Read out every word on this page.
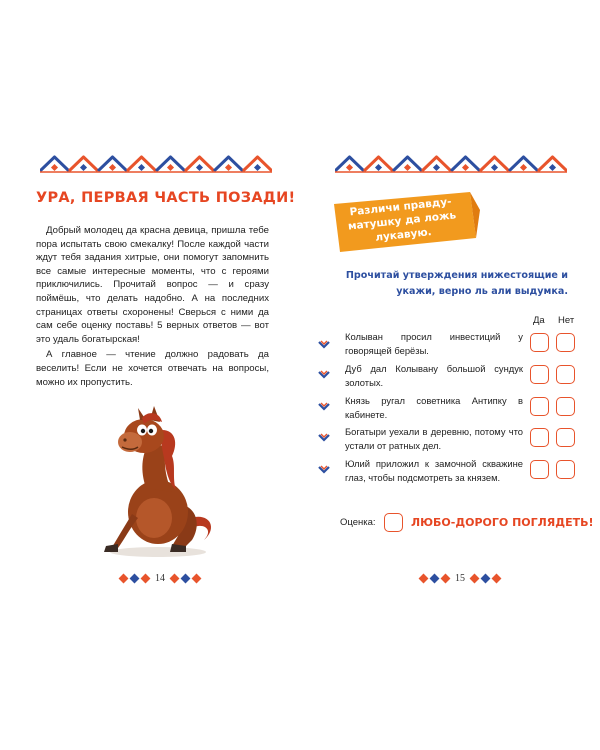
УРА, ПЕРВАЯ ЧАСТЬ ПОЗАДИ!

Добрый молодец да красна девица, пришла тебе пора испытать свою смекалку! После каждой части ждут тебя задания хитрые, они помогут запомнить все самые интересные моменты, что с героями приключились. Прочитай вопрос — и сразу поймёшь, что делать надобно. А на последних страницах ответы схоронены! Сверься с ними да сам себе оценку поставь! 5 верных ответов — вот это удаль богатырская!

А главное — чтение должно радовать да веселить! Если не хочется отвечать на вопросы, можно их пропустить.

14
Различи правду-матушку да ложь лукавую.
Прочитай утверждения нижестоящие и укажи, верно ль али выдумка.
Да Нет
Колыван просил инвестиций у говорящей берёзы.
Дуб дал Колывану большой сундук золотых.
Князь ругал советника Антипку в кабинете.
Богатыри уехали в деревню, потому что устали от ратных дел.
Юлий приложил к замочной скважине глаз, чтобы подсмотреть за князем.
Оценка:	ЛЮБО-ДОРОГО ПОГЛЯДЕТЬ!
15
